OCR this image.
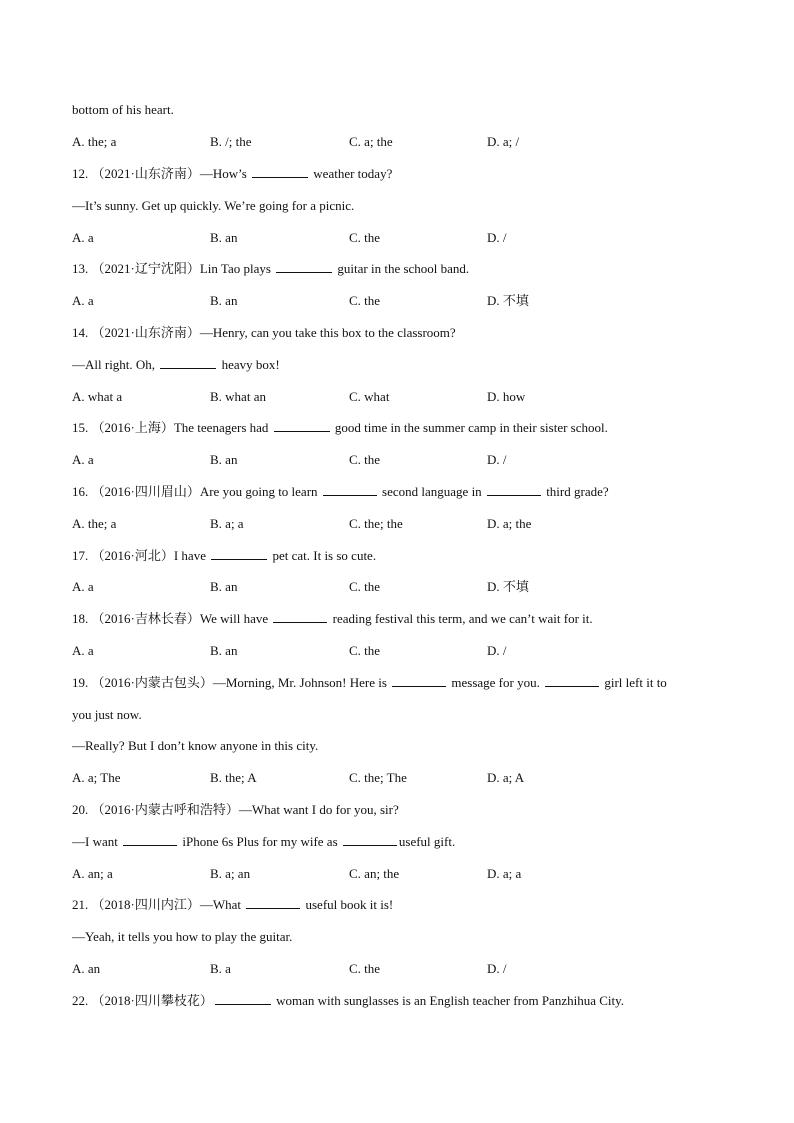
bottom of his heart.
A. the; a	B. /; the	C. a; the	D. a; /
12. （2021·山东济南）—How’s	weather today?
—It’s sunny. Get up quickly. We’re going for a picnic.
A. a	B. an	C. the	D. /
13. （2021·辽宁沈阳）Lin Tao plays	guitar in the school band.
A. a	B. an	C. the	D. 不填
14. （2021·山东济南）—Henry, can you take this box to the classroom?
—All right. Oh,	heavy box!
A. what a	B. what an	C. what	D. how
15. （2016·上海）The teenagers had	good time in the summer camp in their sister school.
A. a	B. an	C. the	D. /
16. （2016·四川眉山）Are you going to learn	second language in	third grade?
A. the; a	B. a; a	C. the; the	D. a; the
17. （2016·河北）I have	pet cat. It is so cute.
A. a	B. an	C. the	D. 不填
18. （2016·吉林长春）We will have	reading festival this term, and we can’t wait for it.
A. a	B. an	C. the	D. /
19. （2016·内蒙古包头）—Morning, Mr. Johnson! Here is	message for you.	girl left it to
you just now.
—Really? But I don’t know anyone in this city.
A. a; The	B. the; A	C. the; The	D. a; A
20. （2016·内蒙古呼和浩特）—What want I do for you, sir?
—I want	iPhone 6s Plus for my wife as	useful gift.
A. an; a	B. a; an	C. an; the	D. a; a
21. （2018·四川内江）—What	useful book it is!
—Yeah, it tells you how to play the guitar.
A. an	B. a	C. the	D. /
22. （2018·四川攀枝花）	woman with sunglasses is an English teacher from Panzhihua City.
